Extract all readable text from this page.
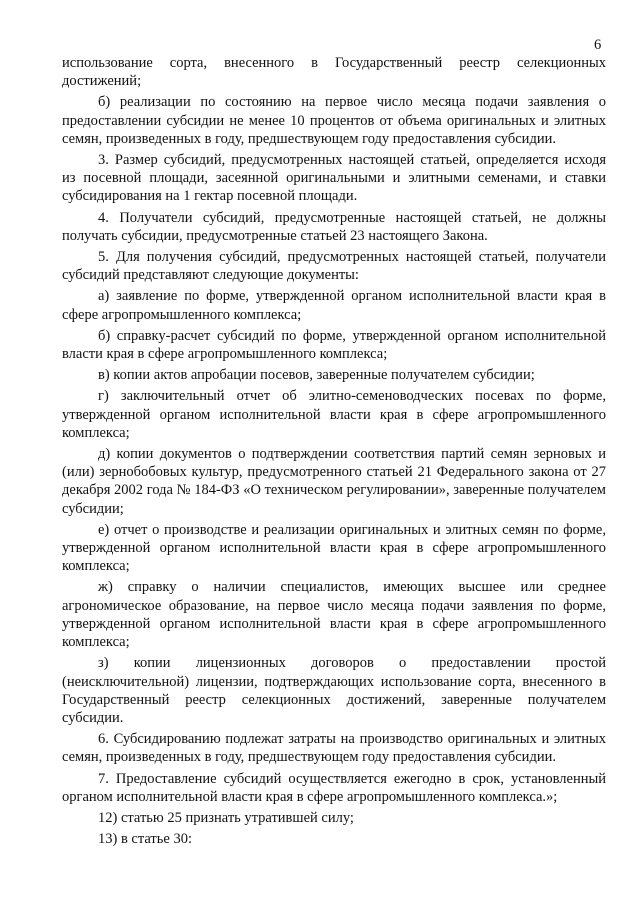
6

использование сорта, внесенного в Государственный реестр селекционных достижений;

б) реализации по состоянию на первое число месяца подачи заявления о предоставлении субсидии не менее 10 процентов от объема оригинальных и элитных семян, произведенных в году, предшествующем году предоставления субсидии.

3. Размер субсидий, предусмотренных настоящей статьей, определяется исходя из посевной площади, засеянной оригинальными и элитными семенами, и ставки субсидирования на 1 гектар посевной площади.

4. Получатели субсидий, предусмотренные настоящей статьей, не должны получать субсидии, предусмотренные статьей 23 настоящего Закона.

5. Для получения субсидий, предусмотренных настоящей статьей, получатели субсидий представляют следующие документы:

а) заявление по форме, утвержденной органом исполнительной власти края в сфере агропромышленного комплекса;

б) справку-расчет субсидий по форме, утвержденной органом исполнительной власти края в сфере агропромышленного комплекса;

в) копии актов апробации посевов, заверенные получателем субсидии;

г) заключительный отчет об элитно-семеноводческих посевах по форме, утвержденной органом исполнительной власти края в сфере агропромышленного комплекса;

д) копии документов о подтверждении соответствия партий семян зерновых и (или) зернобобовых культур, предусмотренного статьей 21 Федерального закона от 27 декабря 2002 года № 184-ФЗ «О техническом регулировании», заверенные получателем субсидии;

е) отчет о производстве и реализации оригинальных и элитных семян по форме, утвержденной органом исполнительной власти края в сфере агропромышленного комплекса;

ж) справку о наличии специалистов, имеющих высшее или среднее агрономическое образование, на первое число месяца подачи заявления по форме, утвержденной органом исполнительной власти края в сфере агропромышленного комплекса;

з) копии лицензионных договоров о предоставлении простой (неисключительной) лицензии, подтверждающих использование сорта, внесенного в Государственный реестр селекционных достижений, заверенные получателем субсидии.

6. Субсидированию подлежат затраты на производство оригинальных и элитных семян, произведенных в году, предшествующем году предоставления субсидии.

7. Предоставление субсидий осуществляется ежегодно в срок, установленный органом исполнительной власти края в сфере агропромышленного комплекса.»;

12) статью 25 признать утратившей силу;

13) в статье 30:
